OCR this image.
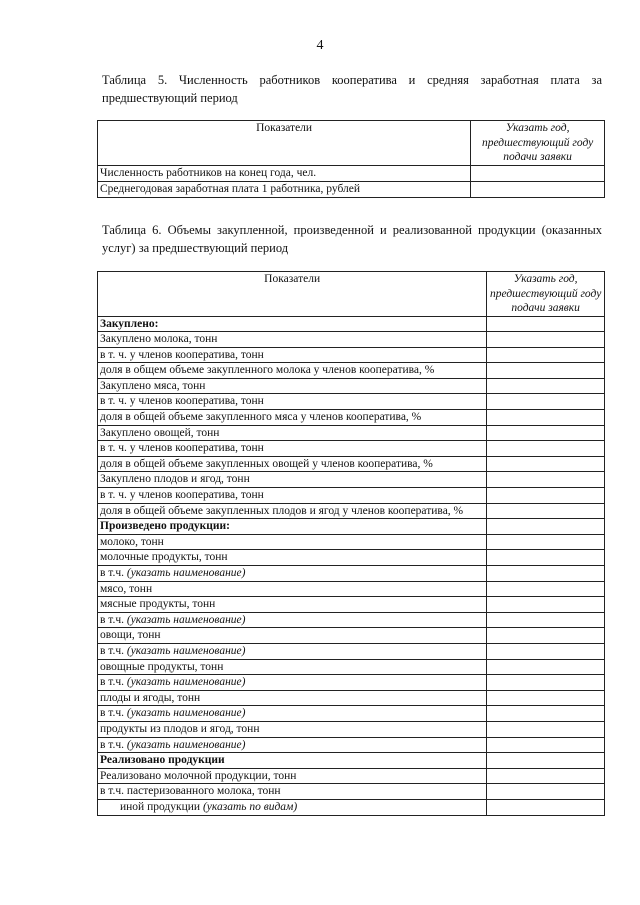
4
Таблица 5. Численность работников кооператива и средняя заработная плата за предшествующий период
Показатели	Указать год, предшествующий году подачи заявки
Численность работников на конец года, чел.	
Среднегодовая заработная плата 1 работника, рублей	
Таблица 6. Объемы закупленной, произведенной и реализованной продукции (оказанных услуг) за предшествующий период
Показатели	Указать год, предшествующий году подачи заявки
Закуплено:	
Закуплено молока, тонн	
в т. ч. у членов кооператива, тонн	
доля в общем объеме закупленного молока у членов кооператива, %	
Закуплено мяса, тонн	
в т. ч. у членов кооператива, тонн	
доля в общей объеме закупленного мяса у членов кооператива, %	
Закуплено овощей, тонн	
в т. ч. у членов кооператива, тонн	
доля в общей объеме закупленных овощей у членов кооператива, %	
Закуплено плодов и ягод, тонн	
в т. ч. у членов кооператива, тонн	
доля в общей объеме закупленных плодов и ягод у членов кооператива, %	
Произведено продукции:	
молоко, тонн	
молочные продукты, тонн	
в т.ч. (указать наименование)	
мясо, тонн	
мясные продукты, тонн	
в т.ч. (указать наименование)	
овощи, тонн	
в т.ч. (указать наименование)	
овощные продукты, тонн	
в т.ч. (указать наименование)	
плоды и ягоды, тонн	
в т.ч. (указать наименование)	
продукты из плодов и ягод, тонн	
в т.ч. (указать наименование)	
Реализовано продукции	
Реализовано молочной продукции, тонн	
в т.ч. пастеризованного молока, тонн	
иной продукции (указать по видам)	
